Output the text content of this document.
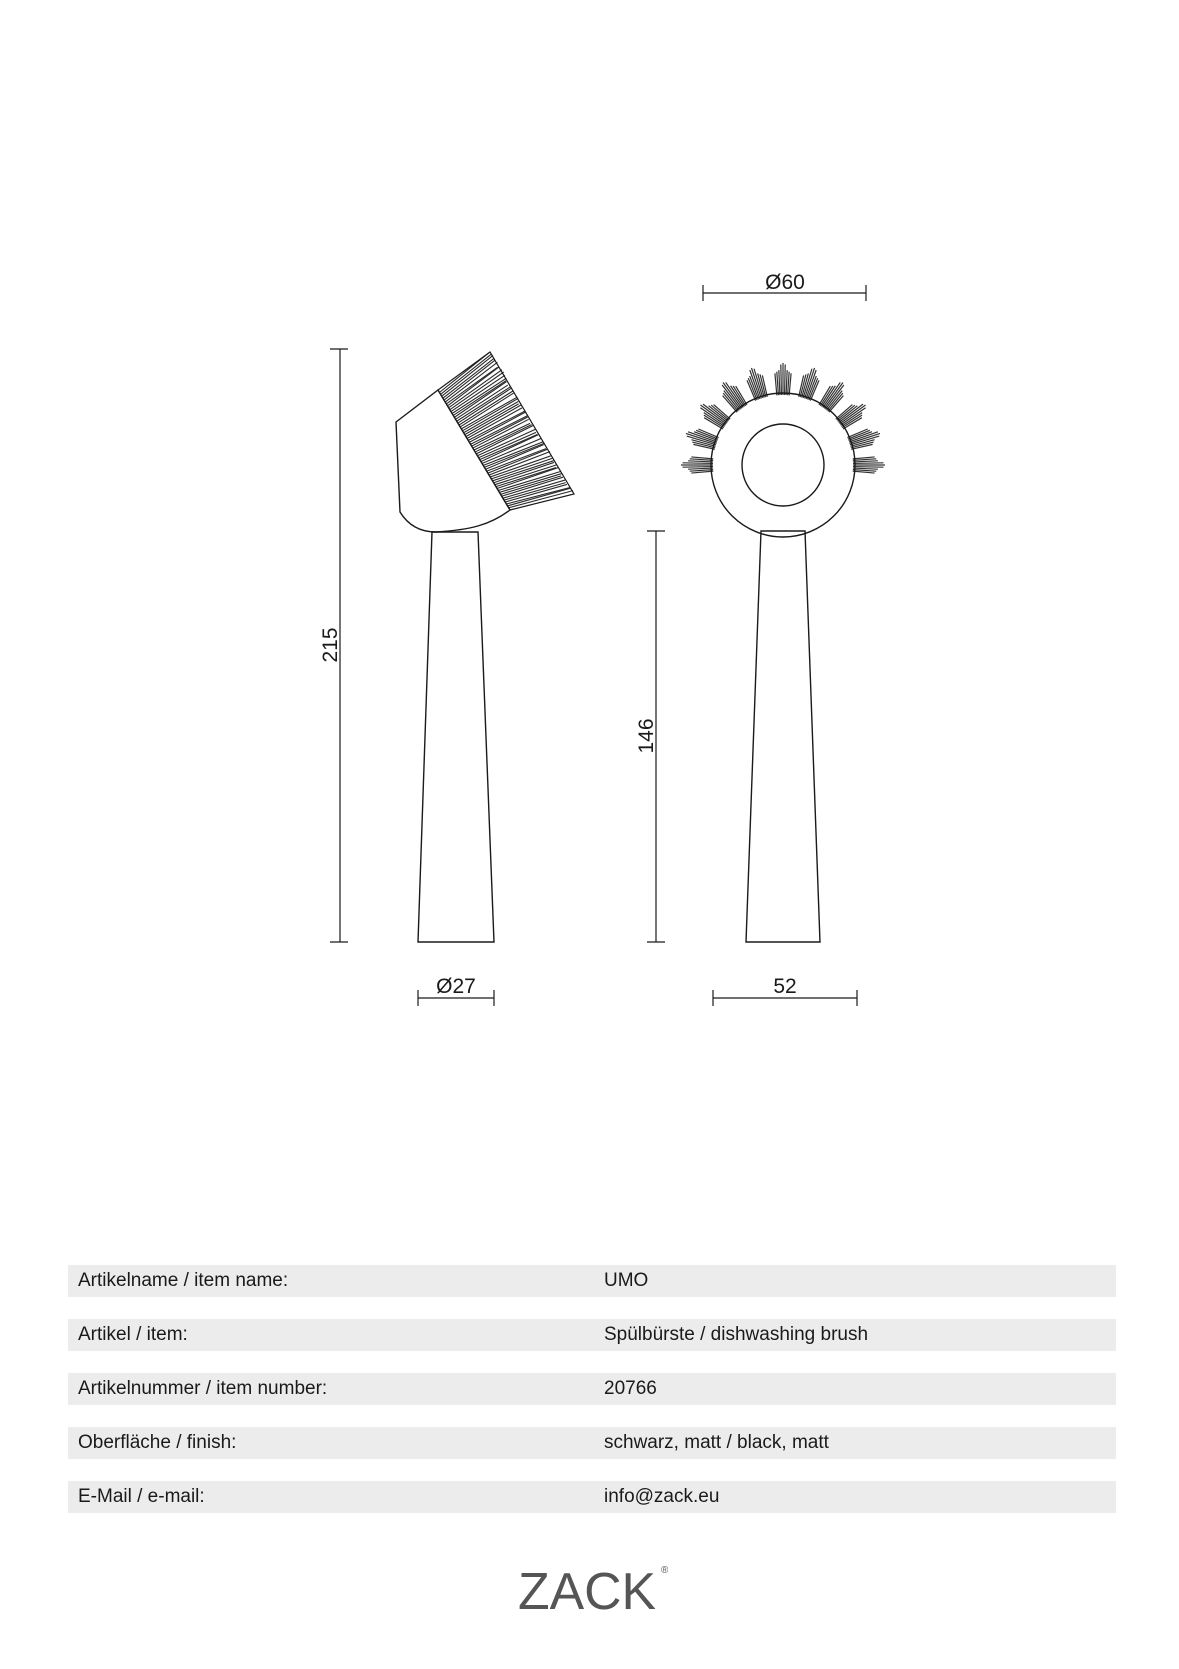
215
Ø27
Ø60
146
52
Artikelname / item name:	UMO
Artikel / item:	Spülbürste / dishwashing brush
Artikelnummer / item number:	20766
Oberfläche / finish:	schwarz, matt / black, matt
E-Mail / e-mail:	info@zack.eu
ZACK ®
